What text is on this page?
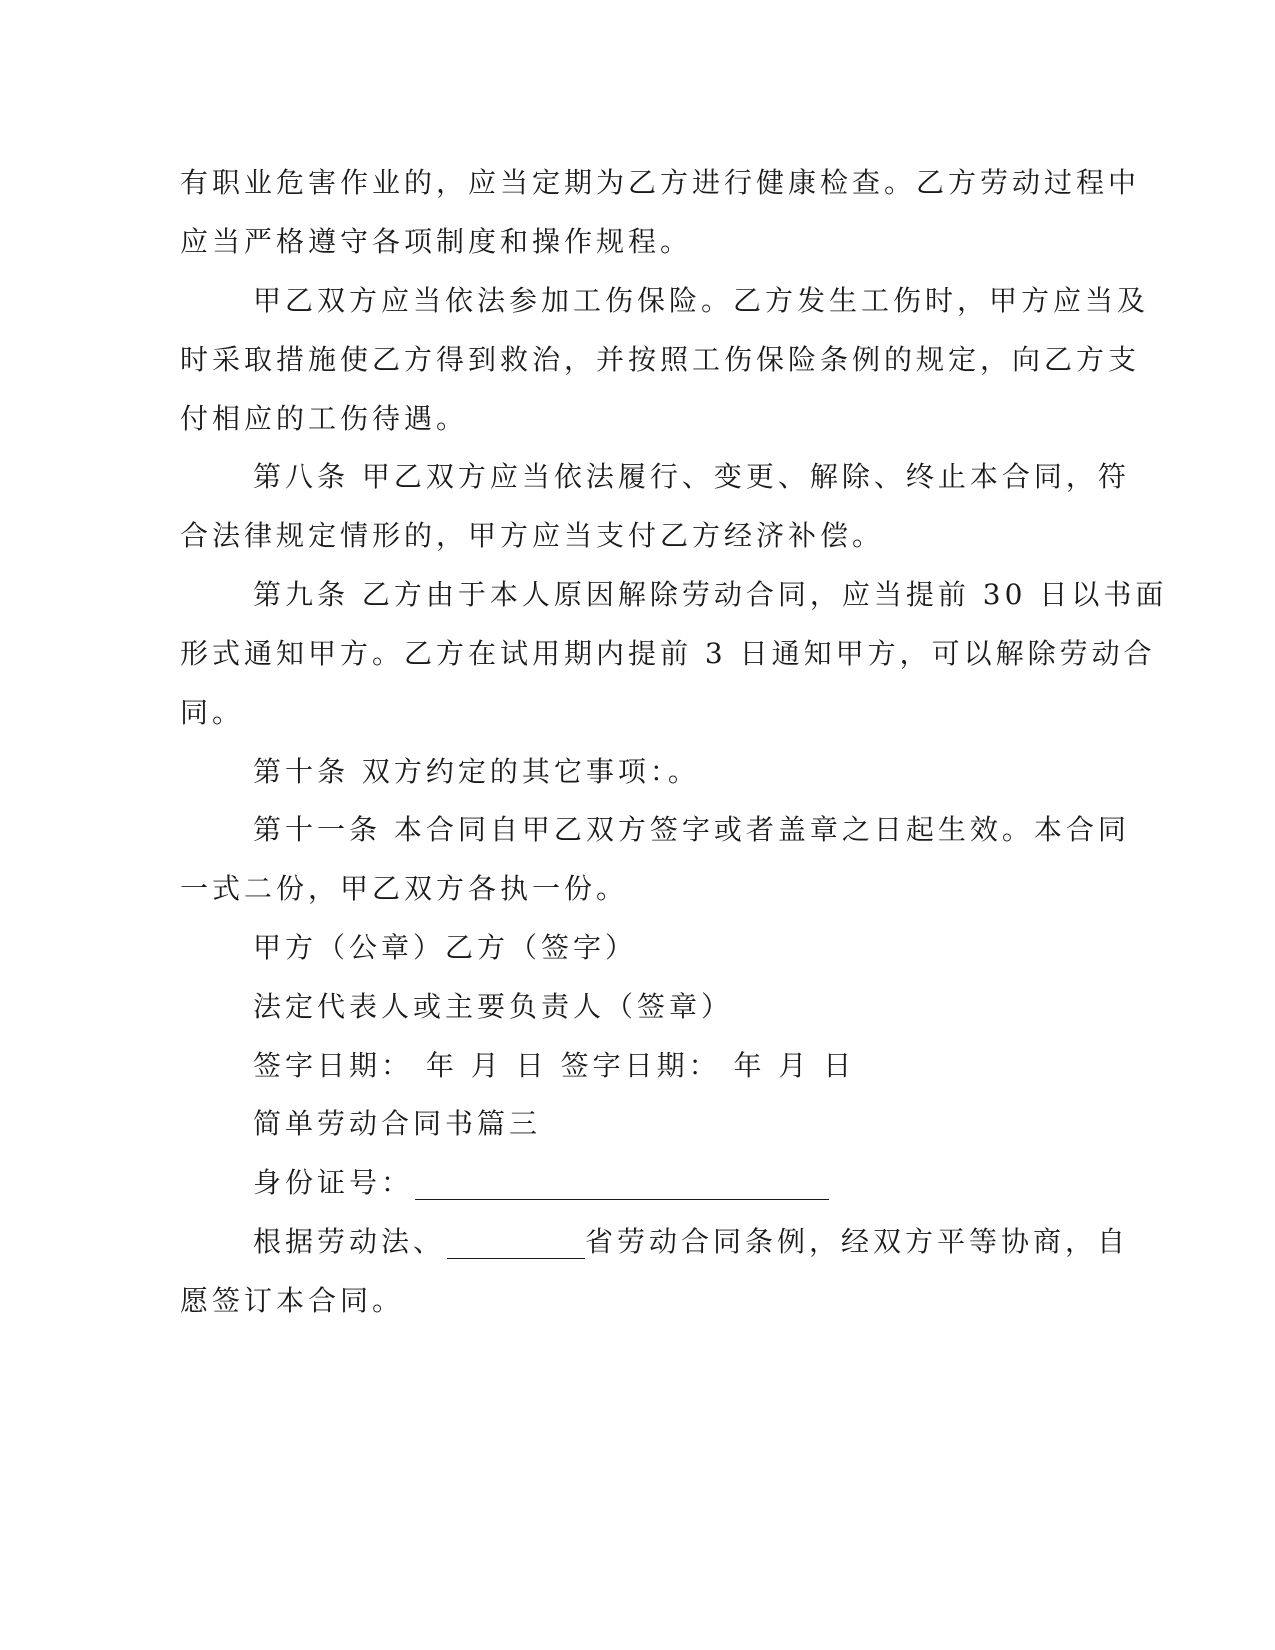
有职业危害作业的，应当定期为乙方进行健康检查。乙方劳动过程中
应当严格遵守各项制度和操作规程。
甲乙双方应当依法参加工伤保险。乙方发生工伤时，甲方应当及
时采取措施使乙方得到救治，并按照工伤保险条例的规定，向乙方支
付相应的工伤待遇。
第八条 甲乙双方应当依法履行、变更、解除、终止本合同，符
合法律规定情形的，甲方应当支付乙方经济补偿。
第九条 乙方由于本人原因解除劳动合同，应当提前 30 日以书面
形式通知甲方。乙方在试用期内提前 3 日通知甲方，可以解除劳动合
同。
第十条 双方约定的其它事项：。
第十一条 本合同自甲乙双方签字或者盖章之日起生效。本合同
一式二份，甲乙双方各执一份。
甲方（公章）乙方（签字）
法定代表人或主要负责人（签章）
签字日期： 年 月 日 签字日期： 年 月 日
简单劳动合同书篇三
身份证号：
根据劳动法、	省劳动合同条例，经双方平等协商，自
愿签订本合同。
